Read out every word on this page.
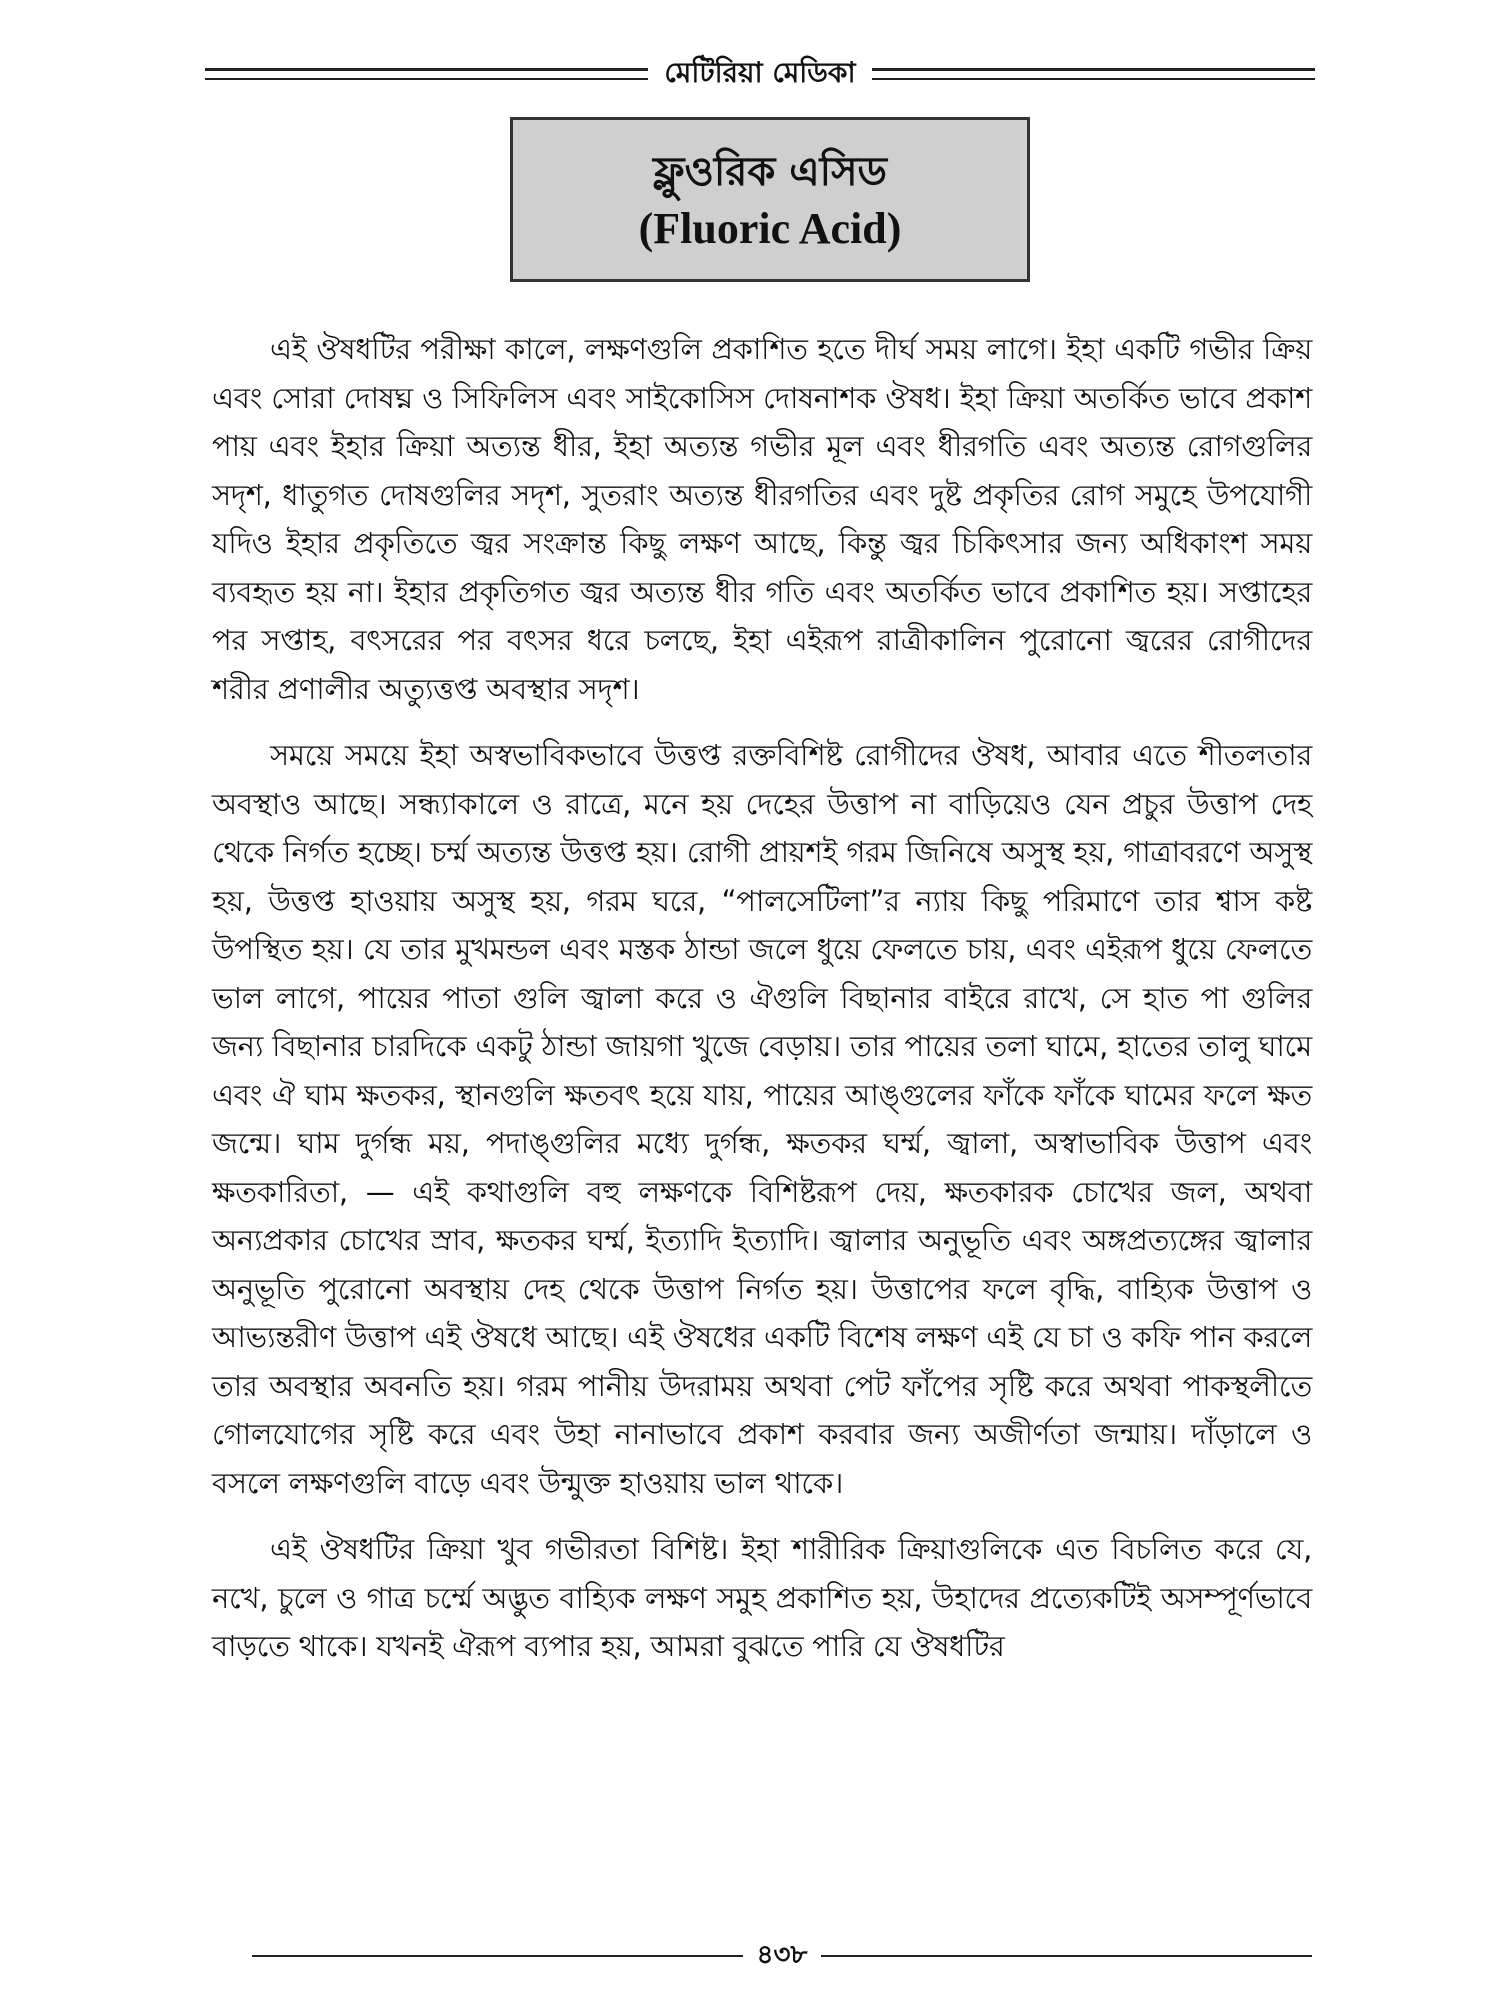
মেটিরিয়া মেডিকা
ফ্লুওরিক এসিড
(Fluoric Acid)

এই ঔষধটির পরীক্ষা কালে, লক্ষণগুলি প্রকাশিত হতে দীর্ঘ সময় লাগে। ইহা একটি গভীর ক্রিয় এবং সোরা দোষঘ্ন ও সিফিলিস এবং সাইকোসিস দোষনাশক ঔষধ। ইহা ক্রিয়া অতর্কিত ভাবে প্রকাশ পায় এবং ইহার ক্রিয়া অত্যন্ত ধীর, ইহা অত্যন্ত গভীর মূল এবং ধীরগতি এবং অত্যন্ত রোগগুলির সদৃশ, ধাতুগত দোষগুলির সদৃশ, সুতরাং অত্যন্ত ধীরগতির এবং দুষ্ট প্রকৃতির রোগ সমুহে উপযোগী যদিও ইহার প্রকৃতিতে জ্বর সংক্রান্ত কিছু লক্ষণ আছে, কিন্তু জ্বর চিকিৎসার জন্য অধিকাংশ সময় ব্যবহৃত হয় না। ইহার প্রকৃতিগত জ্বর অত্যন্ত ধীর গতি এবং অতর্কিত ভাবে প্রকাশিত হয়। সপ্তাহের পর সপ্তাহ, বৎসরের পর বৎসর ধরে চলছে, ইহা এইরূপ রাত্রীকালিন পুরোনো জ্বরের রোগীদের শরীর প্রণালীর অত্যুত্তপ্ত অবস্থার সদৃশ।

সময়ে সময়ে ইহা অস্বভাবিকভাবে উত্তপ্ত রক্তবিশিষ্ট রোগীদের ঔষধ, আবার এতে শীতলতার অবস্থাও আছে। সন্ধ্যাকালে ও রাত্রে, মনে হয় দেহের উত্তাপ না বাড়িয়েও যেন প্রচুর উত্তাপ দেহ থেকে নির্গত হচ্ছে। চর্ম্ম অত্যন্ত উত্তপ্ত হয়। রোগী প্রায়শই গরম জিনিষে অসুস্থ হয়, গাত্রাবরণে অসুস্থ হয়, উত্তপ্ত হাওয়ায় অসুস্থ হয়, গরম ঘরে, “পালসেটিলা”র ন্যায় কিছু পরিমাণে তার শ্বাস কষ্ট উপস্থিত হয়। যে তার মুখমন্ডল এবং মস্তক ঠান্ডা জলে ধুয়ে ফেলতে চায়, এবং এইরূপ ধুয়ে ফেলতে ভাল লাগে, পায়ের পাতা গুলি জ্বালা করে ও ঐগুলি বিছানার বাইরে রাখে, সে হাত পা গুলির জন্য বিছানার চারদিকে একটু ঠান্ডা জায়গা খুজে বেড়ায়। তার পায়ের তলা ঘামে, হাতের তালু ঘামে এবং ঐ ঘাম ক্ষতকর, স্থানগুলি ক্ষতবৎ হয়ে যায়, পায়ের আঙ্গুলের ফাঁকে ফাঁকে ঘামের ফলে ক্ষত জন্মে। ঘাম দুর্গন্ধ ময়, পদাঙ্গুলির মধ্যে দুর্গন্ধ, ক্ষতকর ঘর্ম্ম, জ্বালা, অস্বাভাবিক উত্তাপ এবং ক্ষতকারিতা, — এই কথাগুলি বহু লক্ষণকে বিশিষ্টরূপ দেয়, ক্ষতকারক চোখের জল, অথবা অন্যপ্রকার চোখের স্রাব, ক্ষতকর ঘর্ম্ম, ইত্যাদি ইত্যাদি। জ্বালার অনুভূতি এবং অঙ্গপ্রত্যঙ্গের জ্বালার অনুভূতি পুরোনো অবস্থায় দেহ থেকে উত্তাপ নির্গত হয়। উত্তাপের ফলে বৃদ্ধি, বাহ্যিক উত্তাপ ও আভ্যন্তরীণ উত্তাপ এই ঔষধে আছে। এই ঔষধের একটি বিশেষ লক্ষণ এই যে চা ও কফি পান করলে তার অবস্থার অবনতি হয়। গরম পানীয় উদরাময় অথবা পেট ফাঁপের সৃষ্টি করে অথবা পাকস্থলীতে গোলযোগের সৃষ্টি করে এবং উহা নানাভাবে প্রকাশ করবার জন্য অজীর্ণতা জন্মায়। দাঁড়ালে ও বসলে লক্ষণগুলি বাড়ে এবং উন্মুক্ত হাওয়ায় ভাল থাকে।

এই ঔষধটির ক্রিয়া খুব গভীরতা বিশিষ্ট। ইহা শারীরিক ক্রিয়াগুলিকে এত বিচলিত করে যে, নখে, চুলে ও গাত্র চর্ম্মে অদ্ভুত বাহ্যিক লক্ষণ সমুহ প্রকাশিত হয়, উহাদের প্রত্যেকটিই অসম্পূর্ণভাবে বাড়তে থাকে। যখনই ঐরূপ ব্যপার হয়, আমরা বুঝতে পারি যে ঔষধটির

৪৩৮
